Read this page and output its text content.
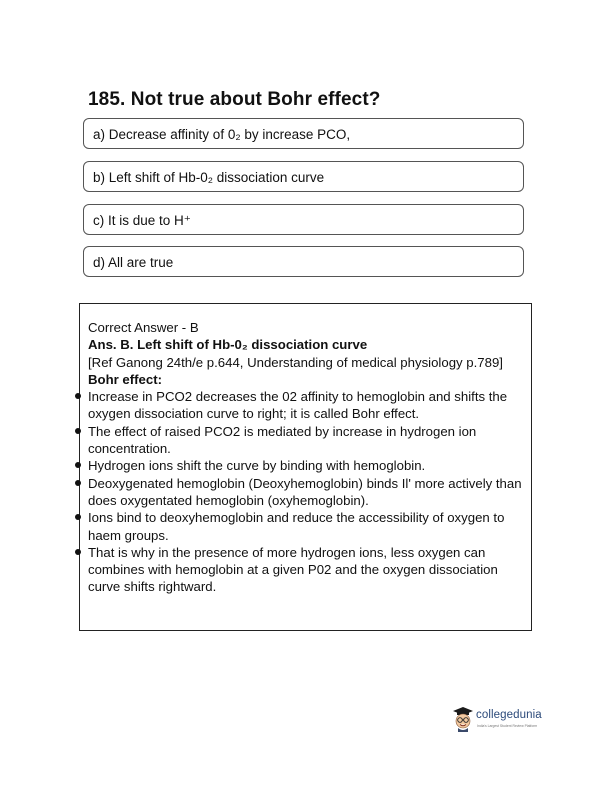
185. Not true about Bohr effect?
a) Decrease affinity of 0₂ by increase PCO,
b) Left shift of Hb-0₂ dissociation curve
c) It is due to H⁺
d) All are true

Correct Answer - B

Ans. B. Left shift of Hb-0₂ dissociation curve

[Ref Ganong 24th/e p.644, Understanding of medical physiology p.789]

Bohr effect:

Increase in PCO2 decreases the 02 affinity to hemoglobin and shifts the oxygen dissociation curve to right; it is called Bohr effect.
The effect of raised PCO2 is mediated by increase in hydrogen ion concentration.
Hydrogen ions shift the curve by binding with hemoglobin.
Deoxygenated hemoglobin (Deoxyhemoglobin) binds Il' more actively than does oxygentated hemoglobin (oxyhemoglobin).
Ions bind to deoxyhemoglobin and reduce the accessibility of oxygen to haem groups.
That is why in the presence of more hydrogen ions, less oxygen can combines with hemoglobin at a given P02 and the oxygen dissociation curve shifts rightward.
collegedunia
India's Largest Student Review Platform
